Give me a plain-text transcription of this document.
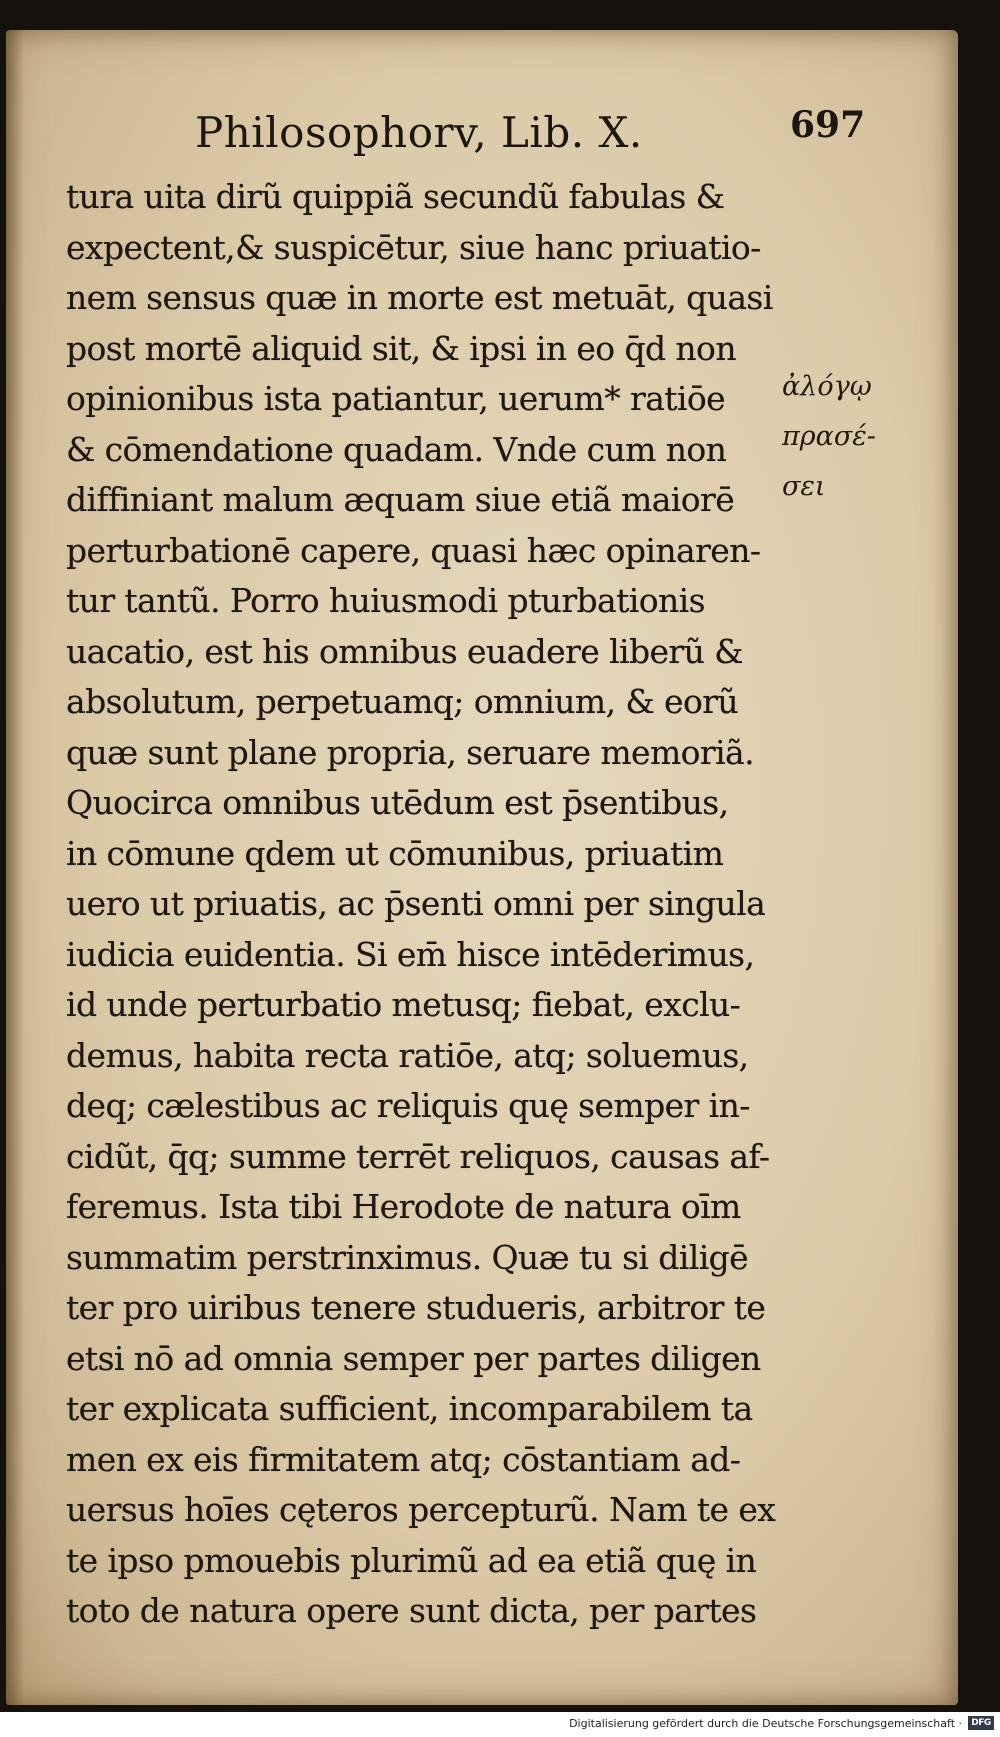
Philosophorv, Lib. X.	697
tura uita dirũ quippiã secundũ fabulas &
expectent,& suspicētur, siue hanc priuatio-
nem sensus quæ in morte est metuāt, quasi
post mortē aliquid sit, & ipsi in eo q̄d non
opinionibus ista patiantur, uerum* ratiōe
& cōmendatione quadam. Vnde cum non
diffiniant malum æquam siue etiã maiorē
perturbationē capere, quasi hæc opinaren-
tur tantũ. Porro huiusmodi pturbationis
uacatio, est his omnibus euadere liberũ &
absolutum, perpetuamq; omnium, & eorũ
quæ sunt plane propria, seruare memoriã.
Quocirca omnibus utēdum est p̄sentibus,
in cōmune qdem ut cōmunibus, priuatim
uero ut priuatis, ac p̄senti omni per singula
iudicia euidentia. Si em̄ hisce intēderimus,
id unde perturbatio metusq; fiebat, exclu-
demus, habita recta ratiōe, atq; soluemus,
deq; cælestibus ac reliquis quę semper in-
cidũt, q̄q; summe terrēt reliquos, causas af-
feremus. Ista tibi Herodote de natura oīm
summatim perstrinximus. Quæ tu si diligē
ter pro uiribus tenere studueris, arbitror te
etsi nō ad omnia semper per partes diligen
ter explicata sufficient, incomparabilem ta
men ex eis firmitatem atq; cōstantiam ad-
uersus hoīes cęteros percepturũ. Nam te ex
te ipso pmouebis plurimũ ad ea etiã quę in
toto de natura opere sunt dicta, per partes
ἀλόγῳ
πρασέ-
σει
Digitalisierung gefördert durch die Deutsche Forschungsgemeinschaft ·	DFG
